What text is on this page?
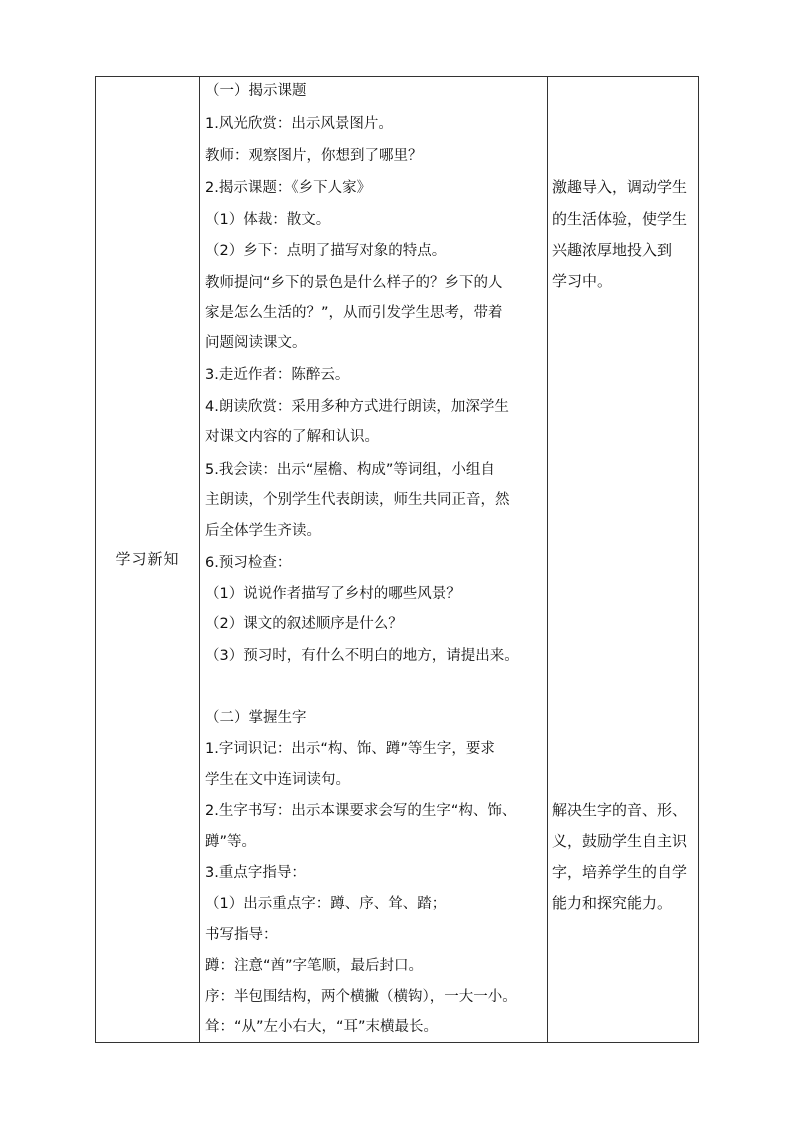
学习新知
（一）揭示课题
1.风光欣赏：出示风景图片。
教师：观察图片，你想到了哪里？
2.揭示课题：《乡下人家》
（1）体裁：散文。
（2）乡下：点明了描写对象的特点。
教师提问“乡下的景色是什么样子的？乡下的人
家是怎么生活的？”，从而引发学生思考，带着
问题阅读课文。
3.走近作者：陈醉云。
4.朗读欣赏：采用多种方式进行朗读，加深学生
对课文内容的了解和认识。
5.我会读：出示“屋檐、构成”等词组，小组自
主朗读，个别学生代表朗读，师生共同正音，然
后全体学生齐读。
6.预习检查：
（1）说说作者描写了乡村的哪些风景？
（2）课文的叙述顺序是什么？
（3）预习时，有什么不明白的地方，请提出来。
（二）掌握生字
1.字词识记：出示“构、饰、蹲”等生字，要求
学生在文中连词读句。
2.生字书写：出示本课要求会写的生字“构、饰、
蹲”等。
3.重点字指导：
（1）出示重点字：蹲、序、耸、踏；
书写指导：
蹲：注意“酋”字笔顺，最后封口。
序：半包围结构，两个横撇（横钩），一大一小。
耸：“从”左小右大，“耳”末横最长。
激趣导入，调动学生
的生活体验，使学生
兴趣浓厚地投入到
学习中。
解决生字的音、形、
义，鼓励学生自主识
字，培养学生的自学
能力和探究能力。
